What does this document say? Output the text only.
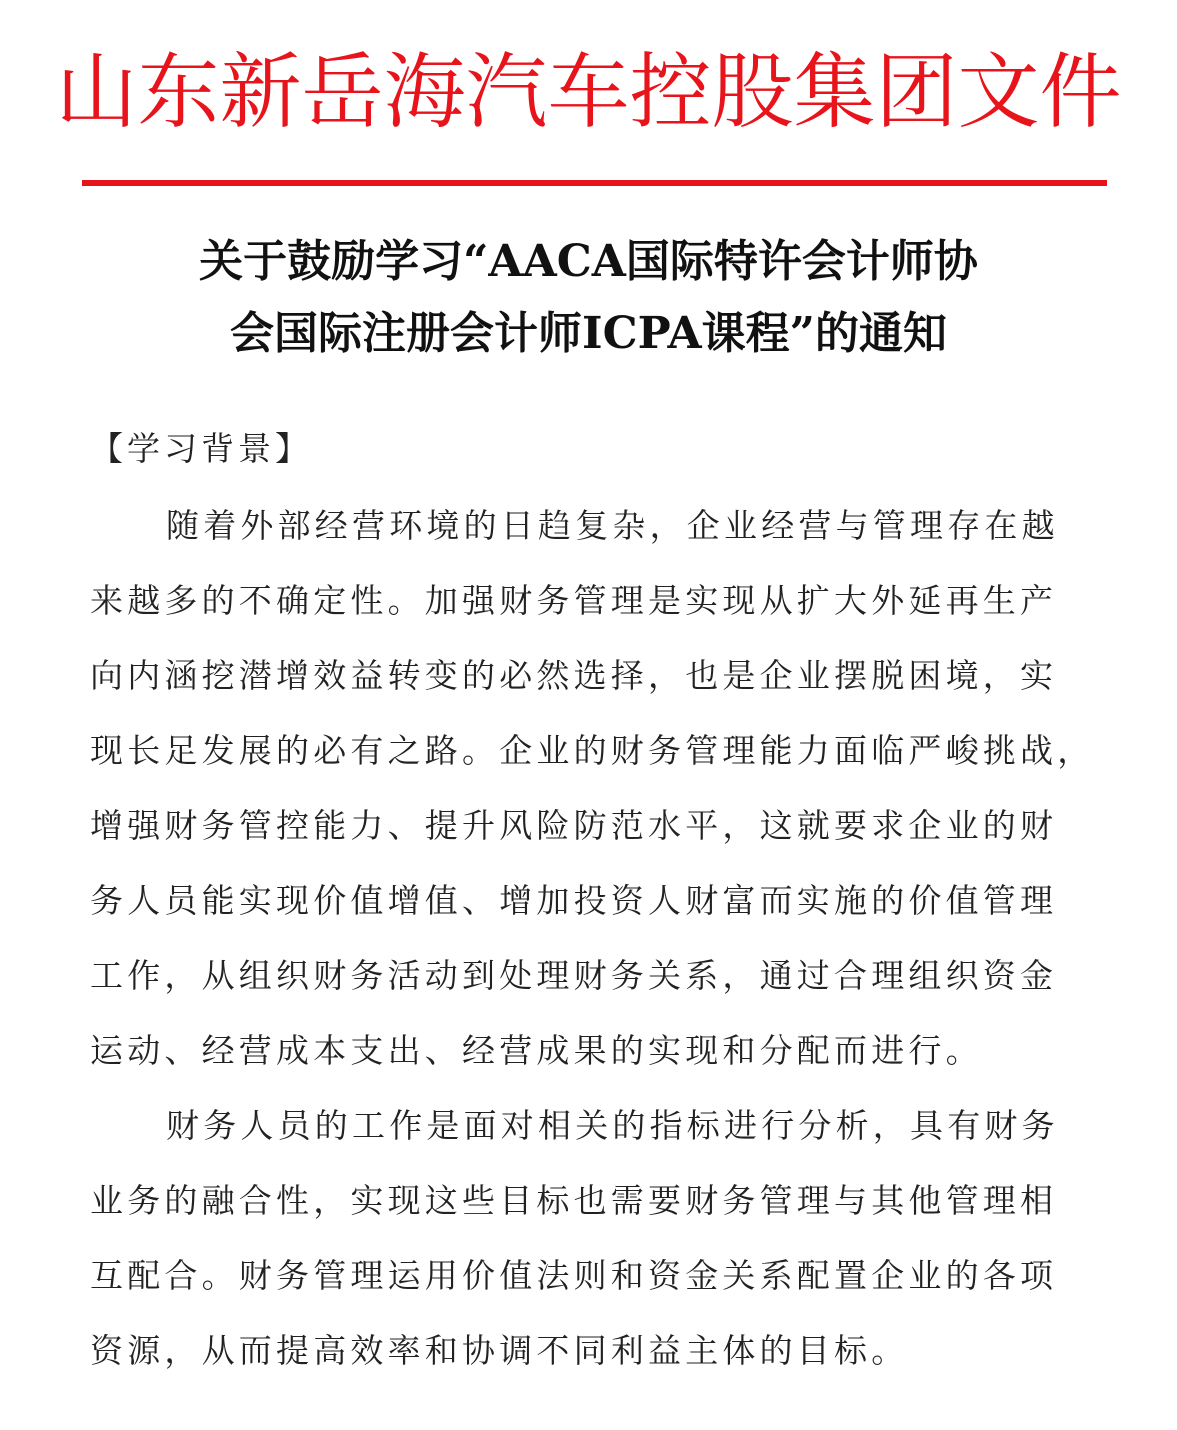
山东新岳海汽车控股集团文件
关于鼓励学习“AACA国际特许会计师协
会国际注册会计师ICPA课程”的通知
【学习背景】
随着外部经营环境的日趋复杂，企业经营与管理存在越
来越多的不确定性。加强财务管理是实现从扩大外延再生产
向内涵挖潜增效益转变的必然选择，也是企业摆脱困境，实
现长足发展的必有之路。企业的财务管理能力面临严峻挑战，
增强财务管控能力、提升风险防范水平，这就要求企业的财
务人员能实现价值增值、增加投资人财富而实施的价值管理
工作，从组织财务活动到处理财务关系，通过合理组织资金
运动、经营成本支出、经营成果的实现和分配而进行。
财务人员的工作是面对相关的指标进行分析，具有财务
业务的融合性，实现这些目标也需要财务管理与其他管理相
互配合。财务管理运用价值法则和资金关系配置企业的各项
资源，从而提高效率和协调不同利益主体的目标。
